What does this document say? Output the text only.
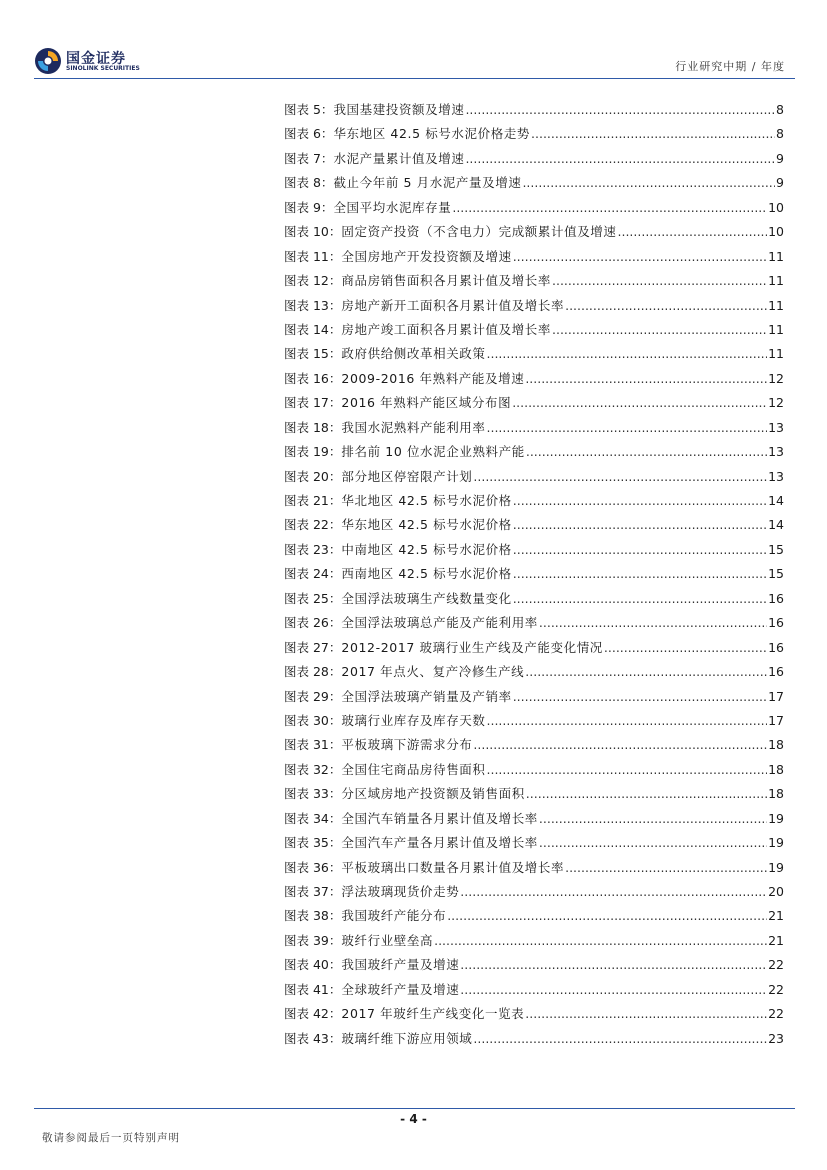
国金证券
SINOLINK SECURITIES	行业研究中期 / 年度
图表 5： 我国基建投资额及增速 .....	8
图表 6： 华东地区 42.5 标号水泥价格走势 .....	8
图表 7： 水泥产量累计值及增速 .....	9
图表 8： 截止今年前 5 月水泥产量及增速 .....	9
图表 9： 全国平均水泥库存量 .....	10
图表 10： 固定资产投资（不含电力）完成额累计值及增速 .....	10
图表 11： 全国房地产开发投资额及增速 .....	11
图表 12： 商品房销售面积各月累计值及增长率 .....	11
图表 13： 房地产新开工面积各月累计值及增长率 .....	11
图表 14： 房地产竣工面积各月累计值及增长率 .....	11
图表 15： 政府供给侧改革相关政策 .....	11
图表 16： 2009-2016 年熟料产能及增速 .....	12
图表 17： 2016 年熟料产能区域分布图 .....	12
图表 18： 我国水泥熟料产能利用率 .....	13
图表 19： 排名前 10 位水泥企业熟料产能 .....	13
图表 20： 部分地区停窑限产计划 .....	13
图表 21： 华北地区 42.5 标号水泥价格 .....	14
图表 22： 华东地区 42.5 标号水泥价格 .....	14
图表 23： 中南地区 42.5 标号水泥价格 .....	15
图表 24： 西南地区 42.5 标号水泥价格 .....	15
图表 25： 全国浮法玻璃生产线数量变化 .....	16
图表 26： 全国浮法玻璃总产能及产能利用率 .....	16
图表 27： 2012-2017 玻璃行业生产线及产能变化情况 .....	16
图表 28： 2017 年点火、复产冷修生产线 .....	16
图表 29： 全国浮法玻璃产销量及产销率 .....	17
图表 30： 玻璃行业库存及库存天数 .....	17
图表 31： 平板玻璃下游需求分布 .....	18
图表 32： 全国住宅商品房待售面积 .....	18
图表 33： 分区域房地产投资额及销售面积 .....	18
图表 34： 全国汽车销量各月累计值及增长率 .....	19
图表 35： 全国汽车产量各月累计值及增长率 .....	19
图表 36： 平板玻璃出口数量各月累计值及增长率 .....	19
图表 37： 浮法玻璃现货价走势 .....	20
图表 38： 我国玻纤产能分布 .....	21
图表 39： 玻纤行业壁垒高 .....	21
图表 40： 我国玻纤产量及增速 .....	22
图表 41： 全球玻纤产量及增速 .....	22
图表 42： 2017 年玻纤生产线变化一览表 .....	22
图表 43： 玻璃纤维下游应用领域 .....	23
- 4 -
敬请参阅最后一页特别声明
